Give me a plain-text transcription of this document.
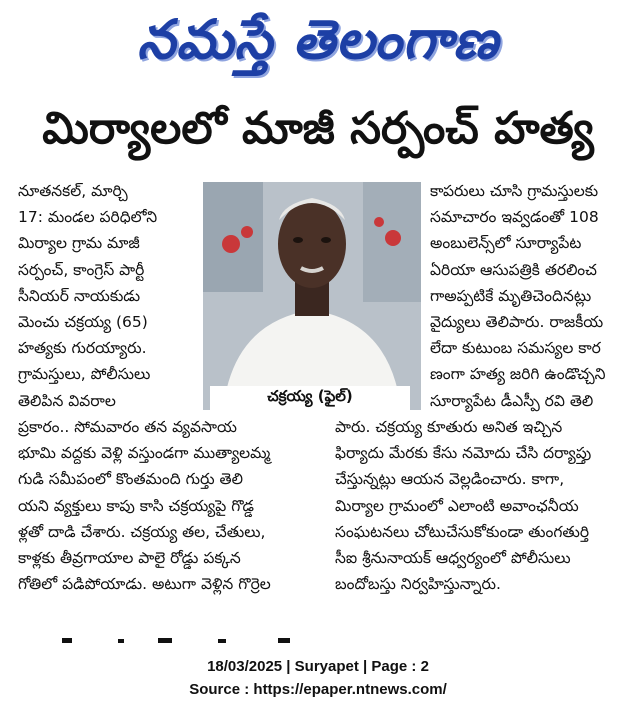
నమస్తే తెలంగాణ
మిర్యాలలో మాజీ సర్పంచ్‌ హత్య
నూతనకల్‌, మార్చి
17: మండల పరిధిలోని
మిర్యాల గ్రామ మాజీ
సర్పంచ్‌, కాంగ్రెస్‌ పార్టీ
సీనియర్‌ నాయకుడు
మెంచు చక్రయ్య (65)
హత్యకు గురయ్యారు.
గ్రామస్తులు, పోలీసులు
తెలిపిన వివరాల	చక్రయ్య (ఫైల్‌)
కాపరులు చూసి గ్రామస్తులకు
సమాచారం ఇవ్వడంతో 108
అంబులెన్స్‌లో సూర్యాపేట
ఏరియా ఆసుపత్రికి తరలించ
గాఅప్పటికే మృతిచెందినట్లు
వైద్యులు తెలిపారు. రాజకీయ
లేదా కుటుంబ సమస్యల కార
ణంగా హత్య జరిగి ఉండొచ్చని
సూర్యాపేట డీఎస్పీ రవి తెలి
ప్రకారం.. సోమవారం తన వ్యవసాయ
భూమి వద్దకు వెళ్లి వస్తుండగా ముత్యాలమ్మ
గుడి సమీపంలో కొంతమంది గుర్తు తెలి
యని వ్యక్తులు కాపు కాసి చక్రయ్యపై గొడ్డ
ళ్లతో దాడి చేశారు. చక్రయ్య తల, చేతులు,
కాళ్లకు తీవ్రగాయాల పాలై రోడ్డు పక్కన
గోతిలో పడిపోయాడు. అటుగా వెళ్లిన గొర్రెల
పారు. చక్రయ్య కూతురు అనిత ఇచ్చిన
ఫిర్యాదు మేరకు కేసు నమోదు చేసి దర్యాప్తు
చేస్తున్నట్లు ఆయన వెల్లడించారు. కాగా,
మిర్యాల గ్రామంలో ఎలాంటి అవాంఛనీయ
సంఘటనలు చోటుచేసుకోకుండా తుంగతుర్తి
సీఐ శ్రీనునాయక్‌ ఆధ్వర్యంలో పోలీసులు
బందోబస్తు నిర్వహిస్తున్నారు.
18/03/2025 | Suryapet | Page : 2
Source : https://epaper.ntnews.com/
